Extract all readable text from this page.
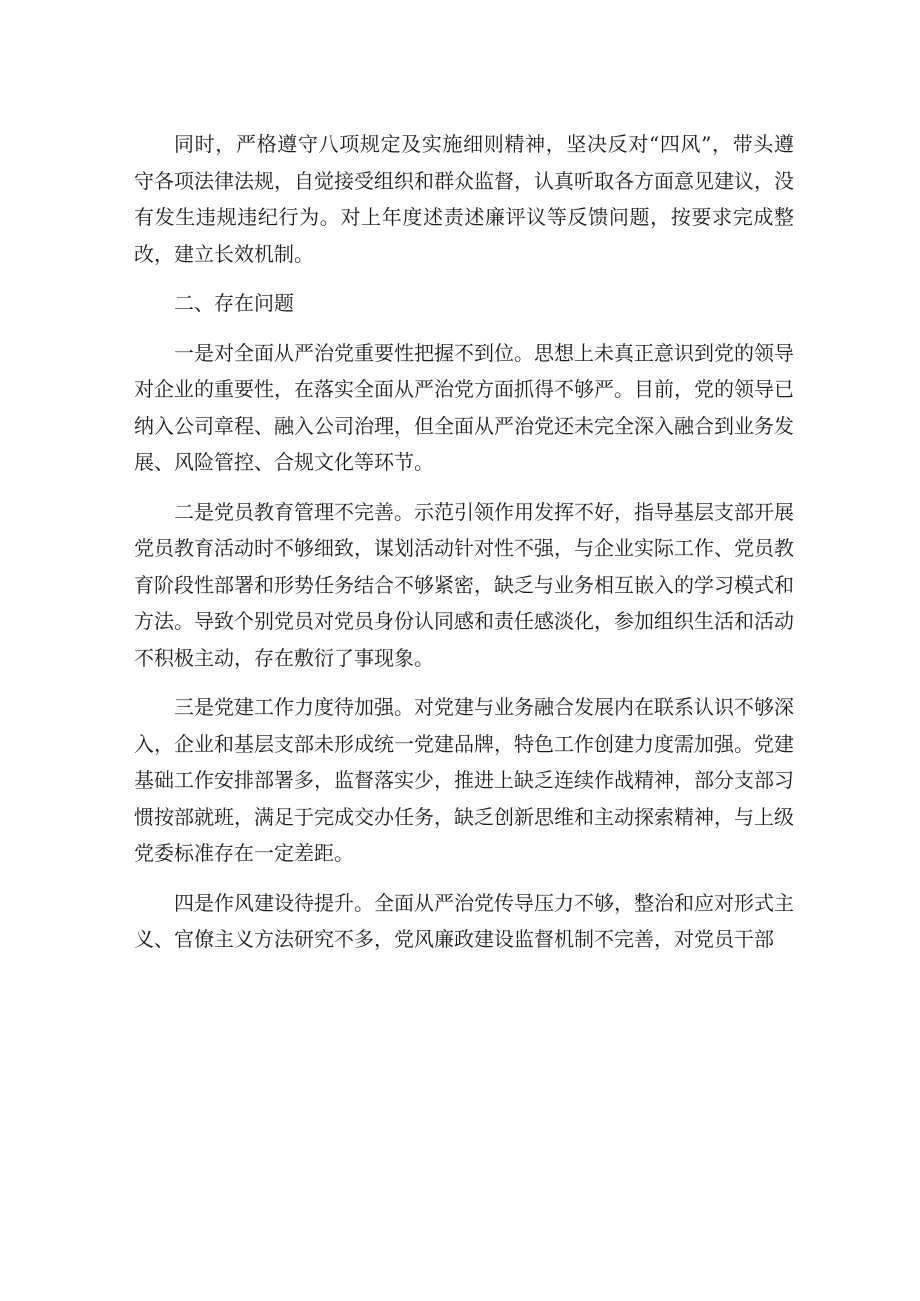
同时，严格遵守八项规定及实施细则精神，坚决反对“四风”，带头遵守各项法律法规，自觉接受组织和群众监督，认真听取各方面意见建议，没有发生违规违纪行为。对上年度述责述廉评议等反馈问题，按要求完成整改，建立长效机制。

二、存在问题

一是对全面从严治党重要性把握不到位。思想上未真正意识到党的领导对企业的重要性，在落实全面从严治党方面抓得不够严。目前，党的领导已纳入公司章程、融入公司治理，但全面从严治党还未完全深入融合到业务发展、风险管控、合规文化等环节。

二是党员教育管理不完善。示范引领作用发挥不好，指导基层支部开展党员教育活动时不够细致，谋划活动针对性不强，与企业实际工作、党员教育阶段性部署和形势任务结合不够紧密，缺乏与业务相互嵌入的学习模式和方法。导致个别党员对党员身份认同感和责任感淡化，参加组织生活和活动不积极主动，存在敷衍了事现象。

三是党建工作力度待加强。对党建与业务融合发展内在联系认识不够深入，企业和基层支部未形成统一党建品牌，特色工作创建力度需加强。党建基础工作安排部署多，监督落实少，推进上缺乏连续作战精神，部分支部习惯按部就班，满足于完成交办任务，缺乏创新思维和主动探索精神，与上级党委标准存在一定差距。

四是作风建设待提升。全面从严治党传导压力不够，整治和应对形式主义、官僚主义方法研究不多，党风廉政建设监督机制不完善，对党员干部
